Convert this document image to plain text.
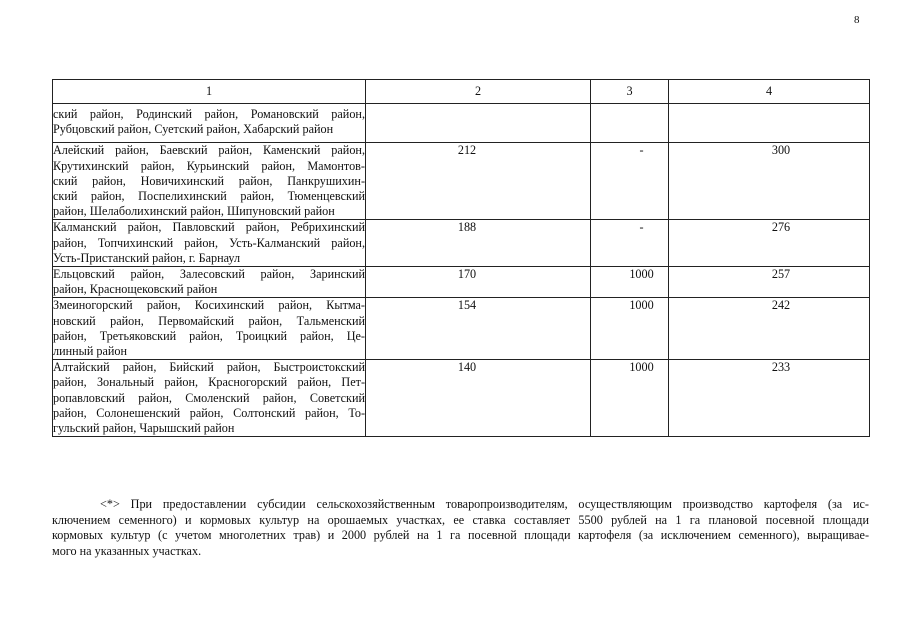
8
1	2	3	4

ский район, Родинский район, Романовский район,
Рубцовский район, Суетский район, Хабарский район			

Алейский район, Баевский район, Каменский район,
Крутихинский район, Курьинский район, Мамонтов-
ский район, Новичихинский район, Панкрушихин-
ский район, Поспелихинский район, Тюменцевский
район, Шелаболихинский район, Шипуновский район	212	-	300

Калманский район, Павловский район, Ребрихинский
район, Топчихинский район, Усть-Калманский район,
Усть-Пристанский район, г. Барнаул	188	-	276

Ельцовский район, Залесовский район, Заринский
район, Краснощековский район	170	1000	257

Змеиногорский район, Косихинский район, Кытма-
новский район, Первомайский район, Тальменский
район, Третьяковский район, Троицкий район, Це-
линный район	154	1000	242

Алтайский район, Бийский район, Быстроистокский
район, Зональный район, Красногорский район, Пет-
ропавловский район, Смоленский район, Советский
район, Солонешенский район, Солтонский район, То-
гульский район, Чарышский район	140	1000	233
<*> При предоставлении субсидии сельскохозяйственным товаропроизводителям, осуществляющим производство картофеля (за ис-
ключением семенного) и кормовых культур на орошаемых участках, ее ставка составляет 5500 рублей на 1 га плановой посевной площади
кормовых культур (с учетом многолетних трав) и 2000 рублей на 1 га посевной площади картофеля (за исключением семенного), выращивае-
мого на указанных участках.
